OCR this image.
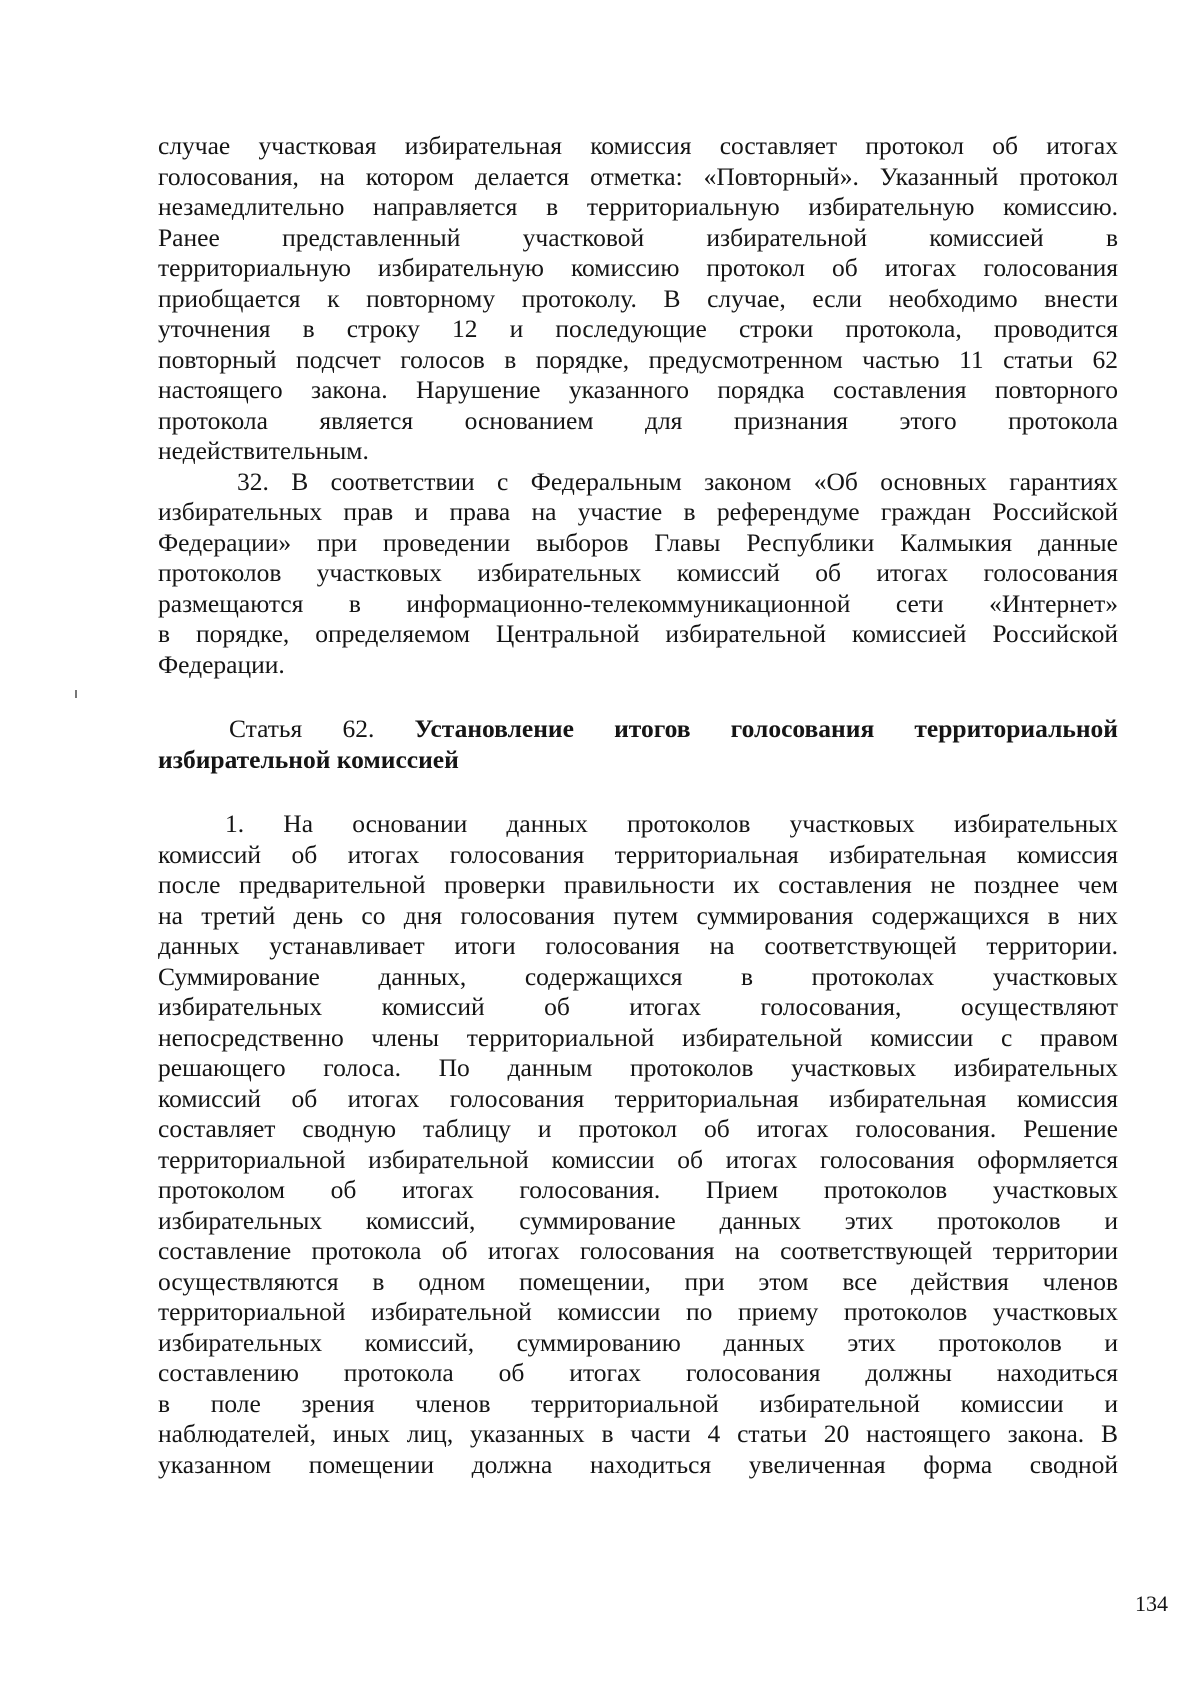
случае участковая избирательная комиссия составляет протокол об итогах
голосования, на котором делается отметка: «Повторный». Указанный протокол
незамедлительно направляется в территориальную избирательную комиссию.
Ранее представленный участковой избирательной комиссией в
территориальную избирательную комиссию протокол об итогах голосования
приобщается к повторному протоколу. В случае, если необходимо внести
уточнения в строку 12 и последующие строки протокола, проводится
повторный подсчет голосов в порядке, предусмотренном частью 11 статьи 62
настоящего закона. Нарушение указанного порядка составления повторного
протокола является основанием для признания этого протокола
недействительным.
32. В соответствии с Федеральным законом «Об основных гарантиях
избирательных прав и права на участие в референдуме граждан Российской
Федерации» при проведении выборов Главы Республики Калмыкия данные
протоколов участковых избирательных комиссий об итогах голосования
размещаются в информационно-телекоммуникационной сети «Интернет»
в порядке, определяемом Центральной избирательной комиссией Российской
Федерации.
Статья 62. Установление итогов голосования территориальной
избирательной комиссией
1. На основании данных протоколов участковых избирательных
комиссий об итогах голосования территориальная избирательная комиссия
после предварительной проверки правильности их составления не позднее чем
на третий день со дня голосования путем суммирования содержащихся в них
данных устанавливает итоги голосования на соответствующей территории.
Суммирование данных, содержащихся в протоколах участковых
избирательных комиссий об итогах голосования, осуществляют
непосредственно члены территориальной избирательной комиссии с правом
решающего голоса. По данным протоколов участковых избирательных
комиссий об итогах голосования территориальная избирательная комиссия
составляет сводную таблицу и протокол об итогах голосования. Решение
территориальной избирательной комиссии об итогах голосования оформляется
протоколом об итогах голосования. Прием протоколов участковых
избирательных комиссий, суммирование данных этих протоколов и
составление протокола об итогах голосования на соответствующей территории
осуществляются в одном помещении, при этом все действия членов
территориальной избирательной комиссии по приему протоколов участковых
избирательных комиссий, суммированию данных этих протоколов и
составлению протокола об итогах голосования должны находиться
в поле зрения членов территориальной избирательной комиссии и
наблюдателей, иных лиц, указанных в части 4 статьи 20 настоящего закона. В
указанном помещении должна находиться увеличенная форма сводной
134
